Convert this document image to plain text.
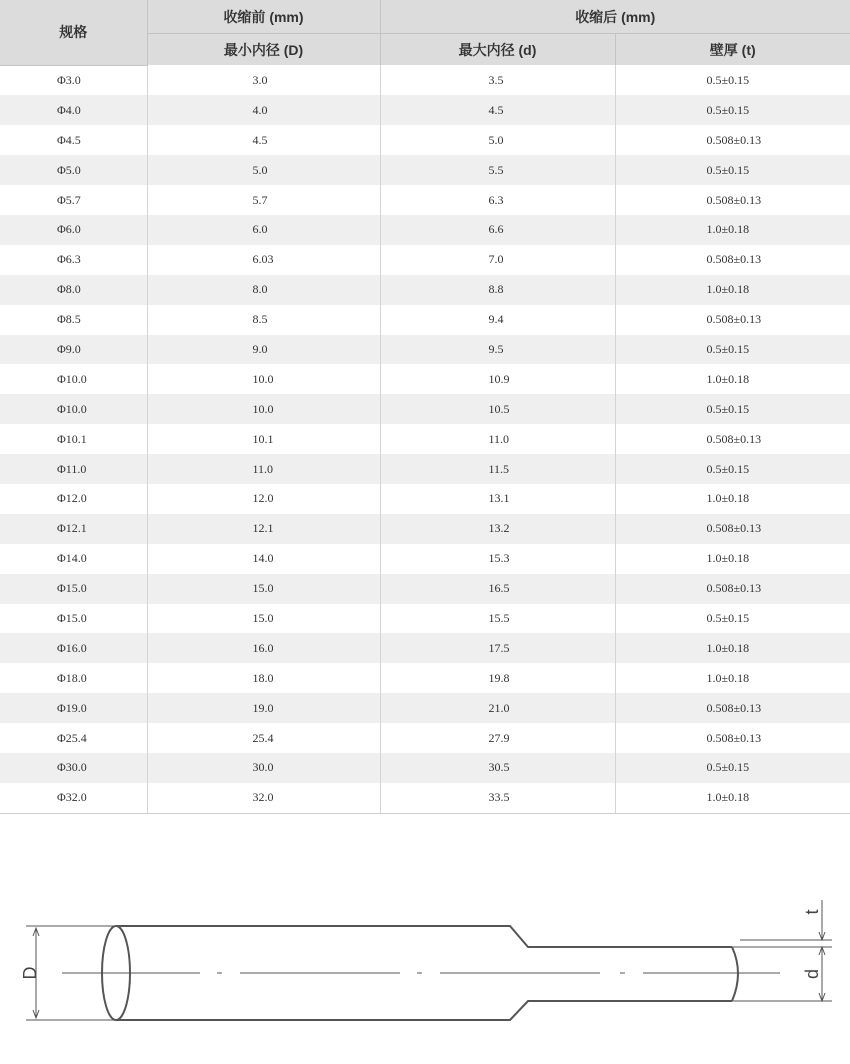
规格	收缩前 (mm)	收缩后 (mm)	
	最小内径 (D)	最大内径 (d)	壁厚 (t)
Φ3.0	3.0	3.5	0.5±0.15
Φ4.0	4.0	4.5	0.5±0.15
Φ4.5	4.5	5.0	0.508±0.13
Φ5.0	5.0	5.5	0.5±0.15
Φ5.7	5.7	6.3	0.508±0.13
Φ6.0	6.0	6.6	1.0±0.18
Φ6.3	6.03	7.0	0.508±0.13
Φ8.0	8.0	8.8	1.0±0.18
Φ8.5	8.5	9.4	0.508±0.13
Φ9.0	9.0	9.5	0.5±0.15
Φ10.0	10.0	10.9	1.0±0.18
Φ10.0	10.0	10.5	0.5±0.15
Φ10.1	10.1	11.0	0.508±0.13
Φ11.0	11.0	11.5	0.5±0.15
Φ12.0	12.0	13.1	1.0±0.18
Φ12.1	12.1	13.2	0.508±0.13
Φ14.0	14.0	15.3	1.0±0.18
Φ15.0	15.0	16.5	0.508±0.13
Φ15.0	15.0	15.5	0.5±0.15
Φ16.0	16.0	17.5	1.0±0.18
Φ18.0	18.0	19.8	1.0±0.18
Φ19.0	19.0	21.0	0.508±0.13
Φ25.4	25.4	27.9	0.508±0.13
Φ30.0	30.0	30.5	0.5±0.15
Φ32.0	32.0	33.5	1.0±0.18
D	d
t
